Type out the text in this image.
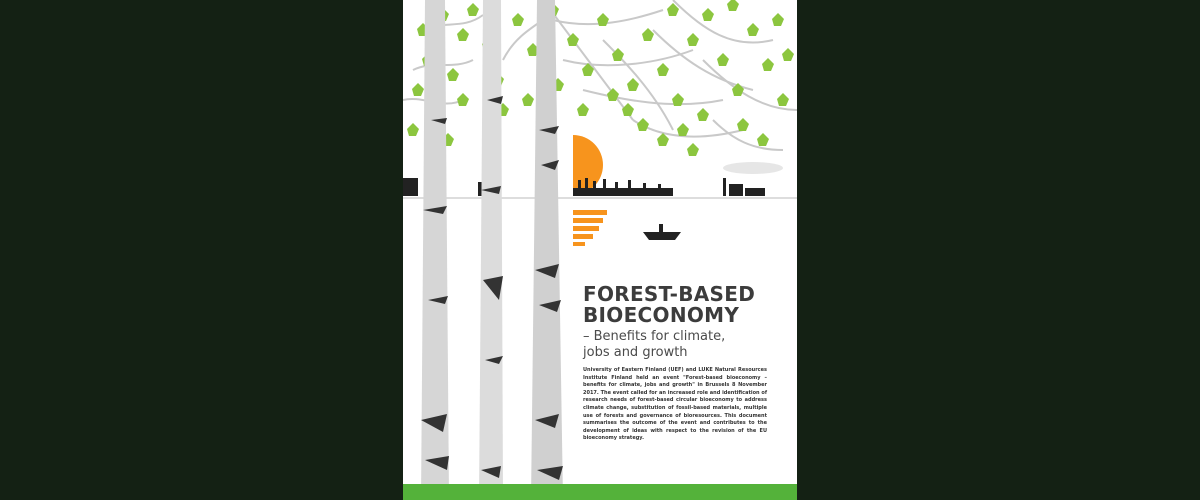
FOREST-BASED
BIOECONOMY
– Benefits for climate,
jobs and growth
University of Eastern Finland (UEF) and LUKE Natural Resources Institute Finland held an event "Forest-based bioeconomy – benefits for climate, jobs and growth" in Brussels 8 November 2017. The event called for an increased role and identification of research needs of forest-based circular bioeconomy to address climate change, substitution of fossil-based materials, multiple use of forests and governance of bioresources. This document summarises the outcome of the event and contributes to the development of ideas with respect to the revision of the EU bioeconomy strategy.
